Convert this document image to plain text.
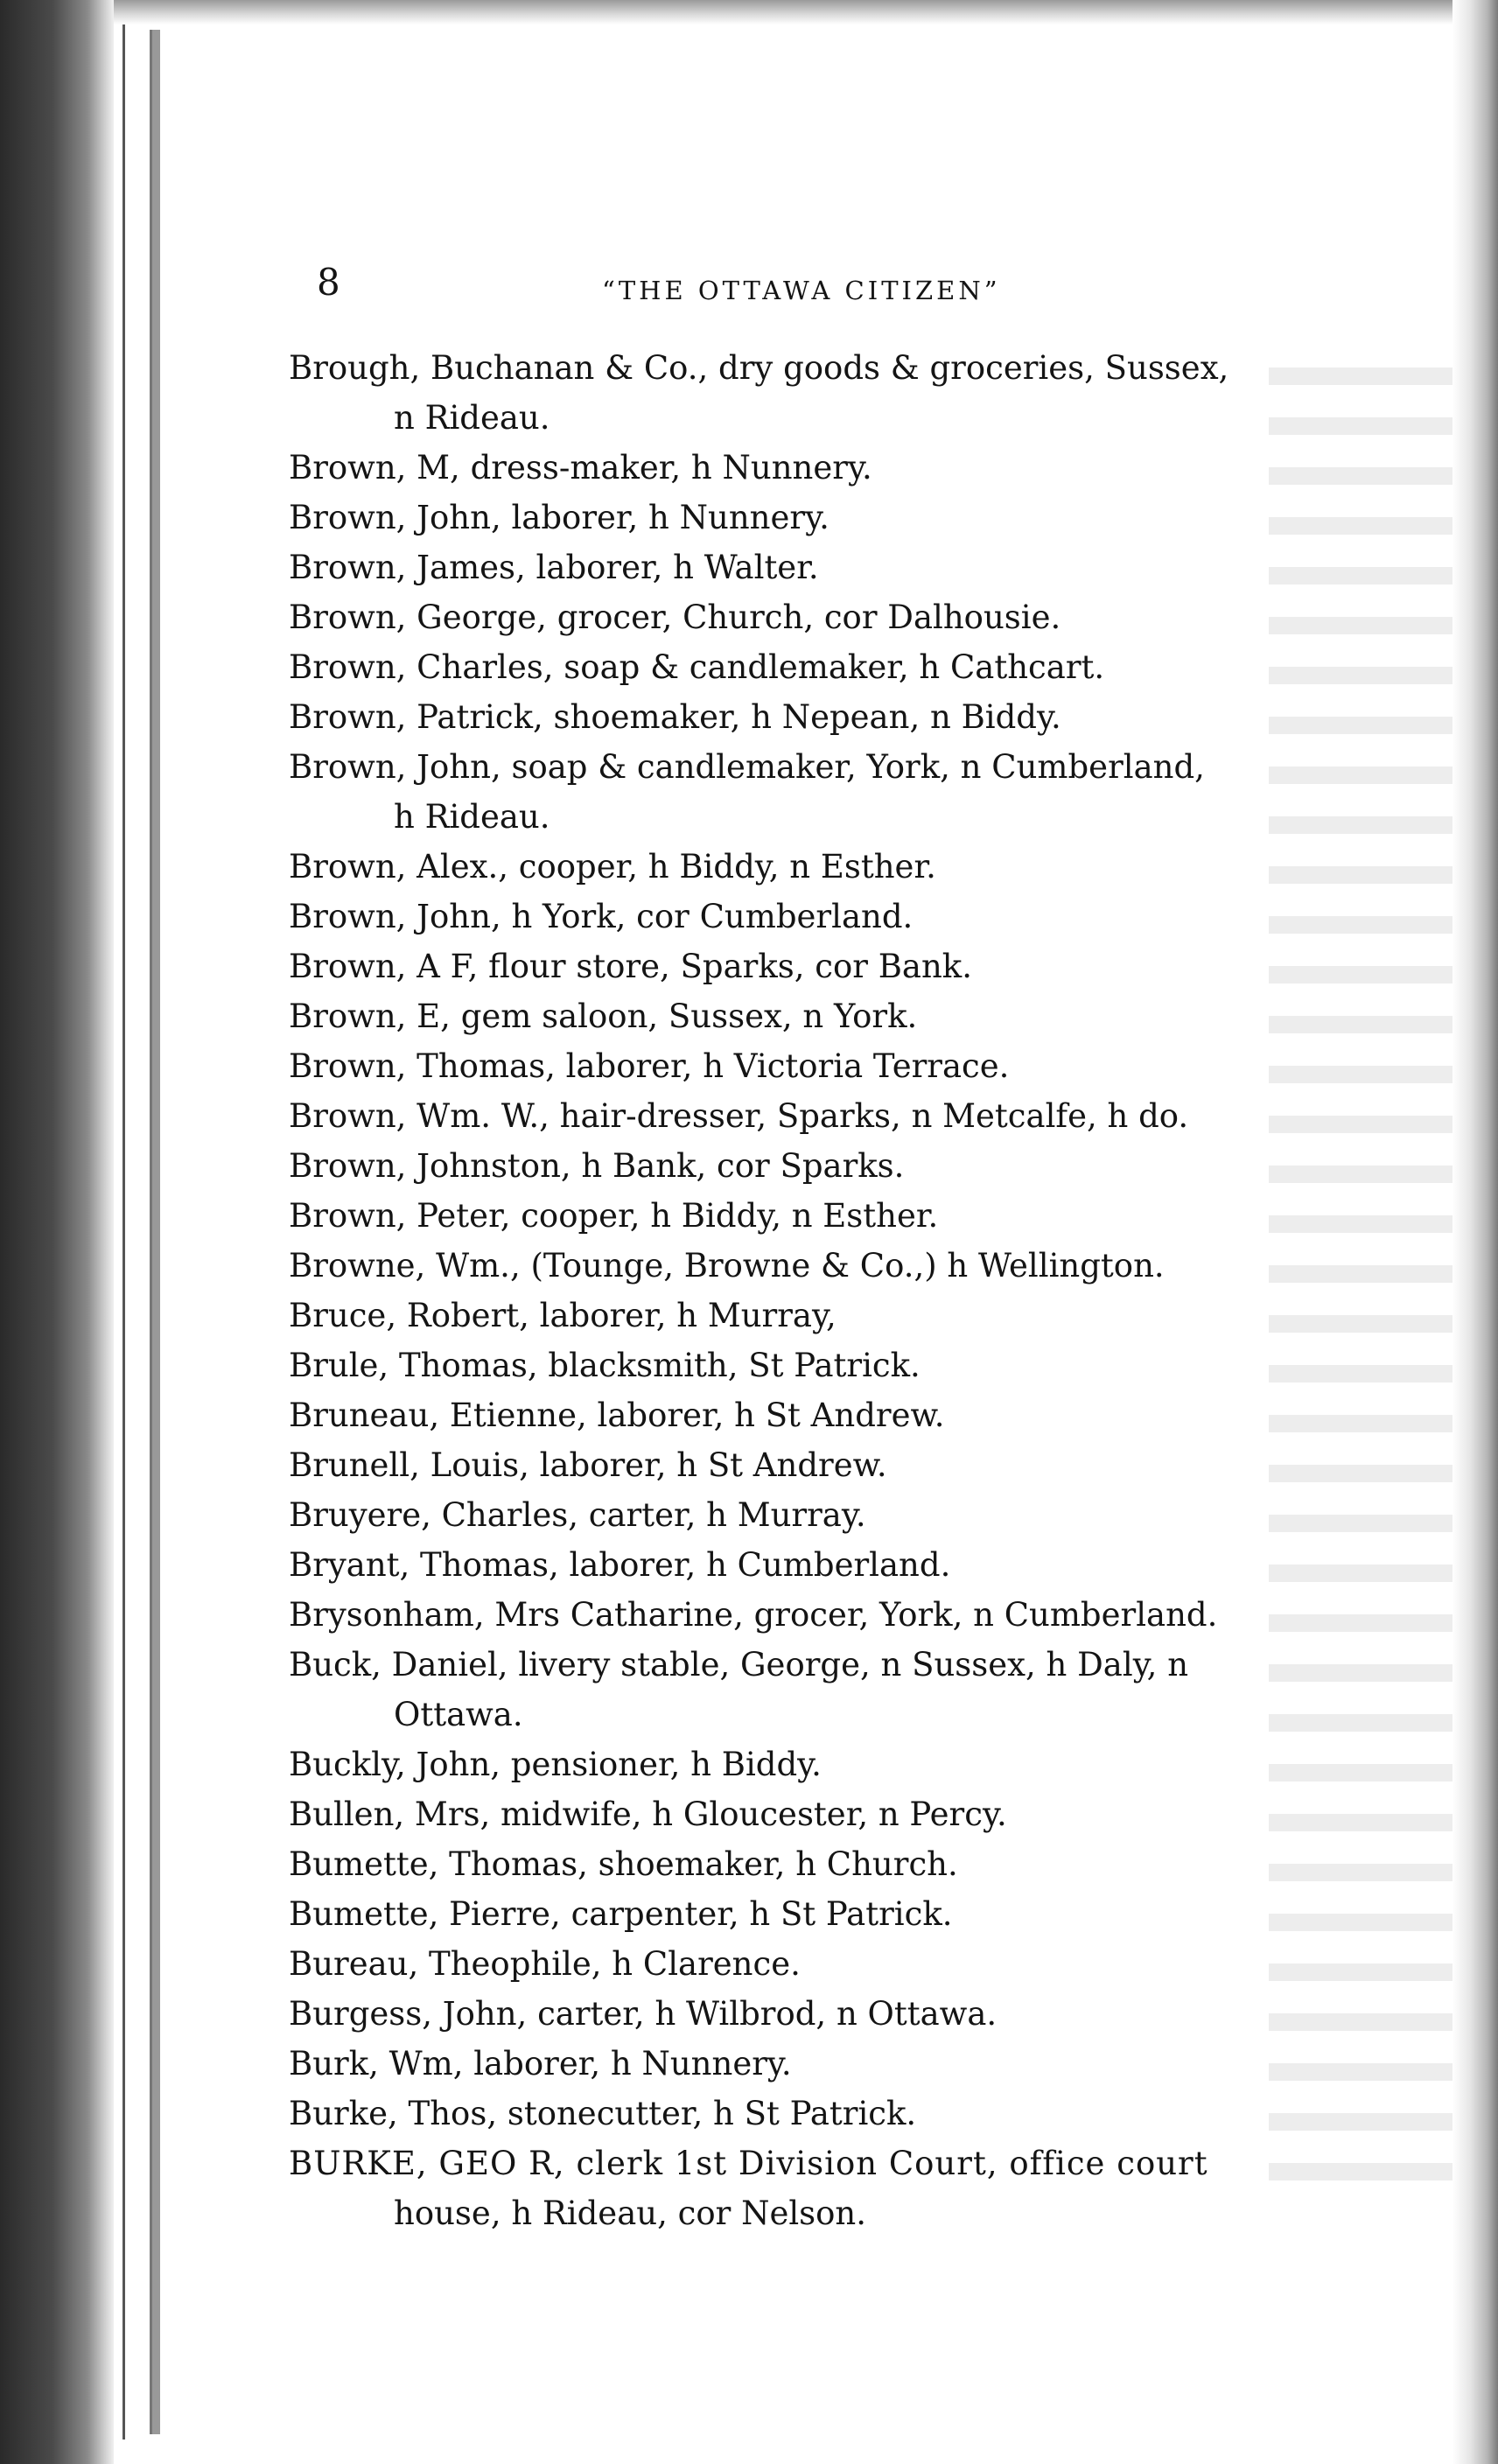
8	“THE OTTAWA CITIZEN”
Brough, Buchanan & Co., dry goods & groceries, Sussex,
n Rideau.
Brown, M, dress-maker, h Nunnery.
Brown, John, laborer, h Nunnery.
Brown, James, laborer, h Walter.
Brown, George, grocer, Church, cor Dalhousie.
Brown, Charles, soap & candlemaker, h Cathcart.
Brown, Patrick, shoemaker, h Nepean, n Biddy.
Brown, John, soap & candlemaker, York, n Cumberland,
h Rideau.
Brown, Alex., cooper, h Biddy, n Esther.
Brown, John, h York, cor Cumberland.
Brown, A F, flour store, Sparks, cor Bank.
Brown, E, gem saloon, Sussex, n York.
Brown, Thomas, laborer, h Victoria Terrace.
Brown, Wm. W., hair-dresser, Sparks, n Metcalfe, h do.
Brown, Johnston, h Bank, cor Sparks.
Brown, Peter, cooper, h Biddy, n Esther.
Browne, Wm., (Tounge, Browne & Co.,) h Wellington.
Bruce, Robert, laborer, h Murray,
Brule, Thomas, blacksmith, St Patrick.
Bruneau, Etienne, laborer, h St Andrew.
Brunell, Louis, laborer, h St Andrew.
Bruyere, Charles, carter, h Murray.
Bryant, Thomas, laborer, h Cumberland.
Brysonham, Mrs Catharine, grocer, York, n Cumberland.
Buck, Daniel, livery stable, George, n Sussex, h Daly, n
Ottawa.
Buckly, John, pensioner, h Biddy.
Bullen, Mrs, midwife, h Gloucester, n Percy.
Bumette, Thomas, shoemaker, h Church.
Bumette, Pierre, carpenter, h St Patrick.
Bureau, Theophile, h Clarence.
Burgess, John, carter, h Wilbrod, n Ottawa.
Burk, Wm, laborer, h Nunnery.
Burke, Thos, stonecutter, h St Patrick.
BURKE, GEO R, clerk 1st Division Court, office court
house, h Rideau, cor Nelson.
